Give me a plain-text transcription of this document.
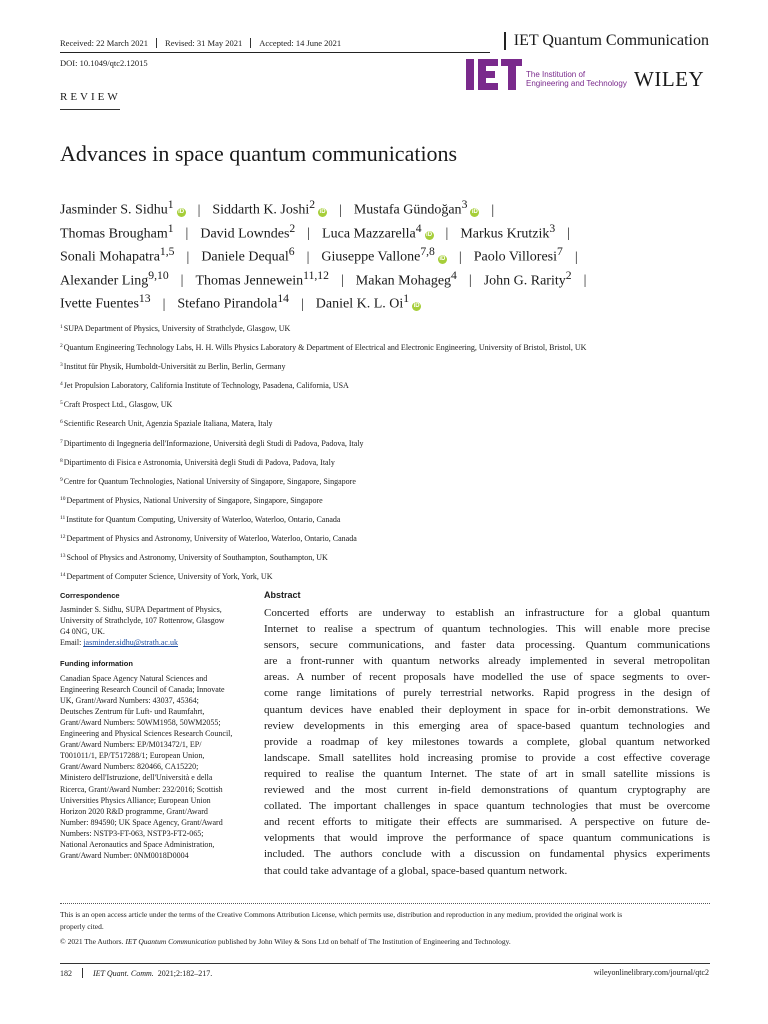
Received: 22 March 2021 Revised: 31 May 2021 Accepted: 14 June 2021	IET Quantum Communication
DOI: 10.1049/qtc2.12015
The Institution of
Engineering and Technology WILEY
REVIEW
Advances in space quantum communications
Jasminder S. Sidhu$^1$iD | Siddarth K. Joshi$^2$iD | Mustafa Gündoğan$^3$iD |
Thomas Brougham$^1$ | David Lowndes$^2$ | Luca Mazzarella$^4$iD | Markus Krutzik$^3$ |
Sonali Mohapatra$^{1,5}$ | Daniele Dequal$^6$ | Giuseppe Vallone$^{7,8}$iD | Paolo Villoresi$^7$ |
Alexander Ling$^{9,10}$ | Thomas Jennewein$^{11,12}$ | Makan Mohageg$^4$ | John G. Rarity$^2$ |
Ivette Fuentes$^{13}$ | Stefano Pirandola$^{14}$ | Daniel K. L. Oi$^1$iD
$^1$SUPA Department of Physics, University of Strathclyde, Glasgow, UK
$^2$Quantum Engineering Technology Labs, H. H. Wills Physics Laboratory & Department of Electrical and Electronic Engineering, University of Bristol, Bristol, UK
$^3$Institut für Physik, Humboldt-Universität zu Berlin, Berlin, Germany
$^4$Jet Propulsion Laboratory, California Institute of Technology, Pasadena, California, USA
$^5$Craft Prospect Ltd., Glasgow, UK
$^6$Scientific Research Unit, Agenzia Spaziale Italiana, Matera, Italy
$^7$Dipartimento di Ingegneria dell'Informazione, Università degli Studi di Padova, Padova, Italy
$^8$Dipartimento di Fisica e Astronomia, Università degli Studi di Padova, Padova, Italy
$^9$Centre for Quantum Technologies, National University of Singapore, Singapore, Singapore
$^{10}$Department of Physics, National University of Singapore, Singapore, Singapore
$^{11}$Institute for Quantum Computing, University of Waterloo, Waterloo, Ontario, Canada
$^{12}$Department of Physics and Astronomy, University of Waterloo, Waterloo, Ontario, Canada
$^{13}$School of Physics and Astronomy, University of Southampton, Southampton, UK
$^{14}$Department of Computer Science, University of York, York, UK
Correspondence
Jasminder S. Sidhu, SUPA Department of Physics,
University of Strathclyde, 107 Rottenrow, Glasgow
G4 0NG, UK.
Email: jasminder.sidhu@strath.ac.uk
Funding information
Canadian Space Agency Natural Sciences and
Engineering Research Council of Canada; Innovate
UK, Grant/Award Numbers: 43037, 45364;
Deutsches Zentrum für Luft- und Raumfahrt,
Grant/Award Numbers: 50WM1958, 50WM2055;
Engineering and Physical Sciences Research Council,
Grant/Award Numbers: EP/M013472/1, EP/
T001011/1, EP/T517288/1; European Union,
Grant/Award Numbers: 820466, CA15220;
Ministero dell'Istruzione, dell'Università e della
Ricerca, Grant/Award Number: 232/2016; Scottish
Universities Physics Alliance; European Union
Horizon 2020 R&D programme, Grant/Award
Number: 894590; UK Space Agency, Grant/Award
Numbers: NSTP3-FT-063, NSTP3-FT2-065;
National Aeronautics and Space Administration,
Grant/Award Number: 0NM0018D0004
Abstract
Concerted efforts are underway to establish an infrastructure for a global quantum
Internet to realise a spectrum of quantum technologies. This will enable more precise
sensors, secure communications, and faster data processing. Quantum communications
are a front-runner with quantum networks already implemented in several metropolitan
areas. A number of recent proposals have modelled the use of space segments to over-
come range limitations of purely terrestrial networks. Rapid progress in the design of
quantum devices have enabled their deployment in space for in-orbit demonstrations. We
review developments in this emerging area of space-based quantum technologies and
provide a roadmap of key milestones towards a complete, global quantum networked
landscape. Small satellites hold increasing promise to provide a cost effective coverage
required to realise the quantum Internet. The state of art in small satellite missions is
reviewed and the most current in-field demonstrations of quantum cryptography are
collated. The important challenges in space quantum technologies that must be overcome
and recent efforts to mitigate their effects are summarised. A perspective on future de-
velopments that would improve the performance of space quantum communications is
included. The authors conclude with a discussion on fundamental physics experiments
that could take advantage of a global, space-based quantum network.
This is an open access article under the terms of the Creative Commons Attribution License, which permits use, distribution and reproduction in any medium, provided the original work is
properly cited.
© 2021 The Authors. IET Quantum Communication published by John Wiley & Sons Ltd on behalf of The Institution of Engineering and Technology.
182	IET Quant. Comm. 2021;2:182–217.	wileyonlinelibrary.com/journal/qtc2
